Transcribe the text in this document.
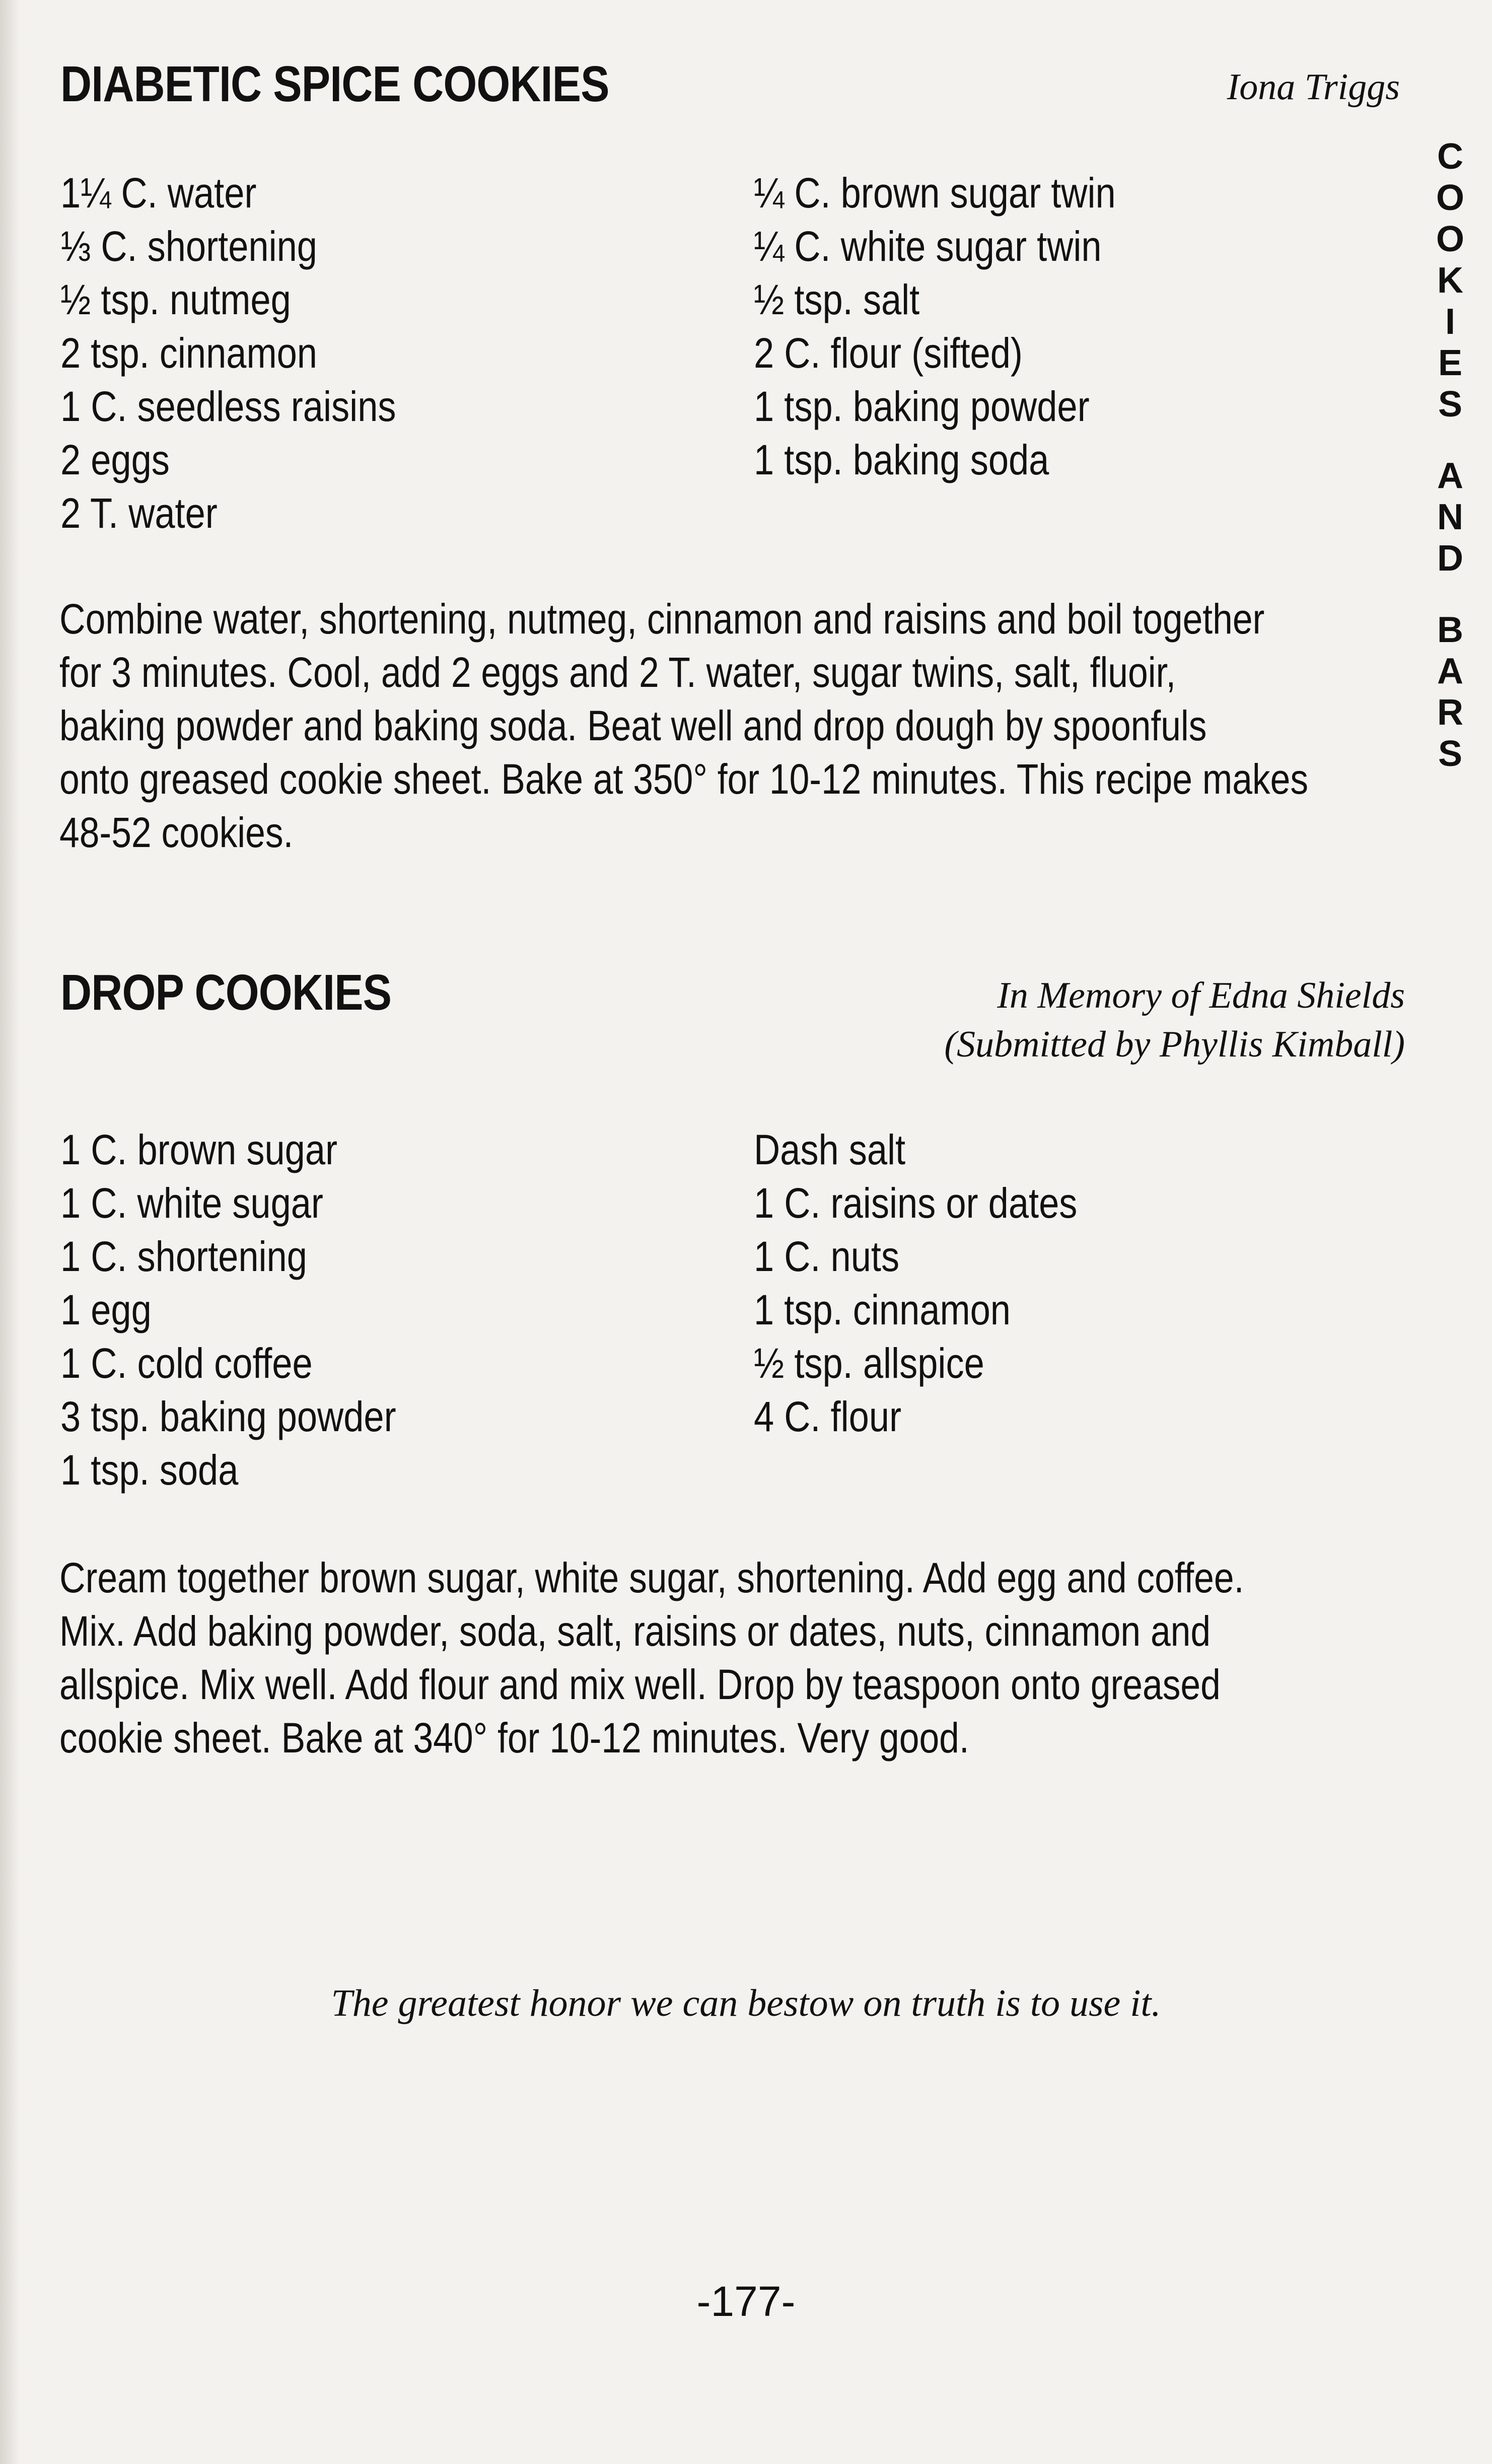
DIABETIC SPICE COOKIES	Iona Triggs
1¼ C. water
⅓ C. shortening
½ tsp. nutmeg
2 tsp. cinnamon
1 C. seedless raisins
2 eggs
2 T. water
¼ C. brown sugar twin
¼ C. white sugar twin
½ tsp. salt
2 C. flour (sifted)
1 tsp. baking powder
1 tsp. baking soda
Combine water, shortening, nutmeg, cinnamon and raisins and boil together
for 3 minutes. Cool, add 2 eggs and 2 T. water, sugar twins, salt, fluoir,
baking powder and baking soda. Beat well and drop dough by spoonfuls
onto greased cookie sheet. Bake at 350° for 10-12 minutes. This recipe makes
48-52 cookies.
DROP COOKIES	In Memory of Edna Shields
(Submitted by Phyllis Kimball)
1 C. brown sugar
1 C. white sugar
1 C. shortening
1 egg
1 C. cold coffee
3 tsp. baking powder
1 tsp. soda
Dash salt
1 C. raisins or dates
1 C. nuts
1 tsp. cinnamon
½ tsp. allspice
4 C. flour
Cream together brown sugar, white sugar, shortening. Add egg and coffee.
Mix. Add baking powder, soda, salt, raisins or dates, nuts, cinnamon and
allspice. Mix well. Add flour and mix well. Drop by teaspoon onto greased
cookie sheet. Bake at 340° for 10-12 minutes. Very good.
C
O
O
K
I
E
S
A
N
D
B
A
R
S
The greatest honor we can bestow on truth is to use it.
-177-
